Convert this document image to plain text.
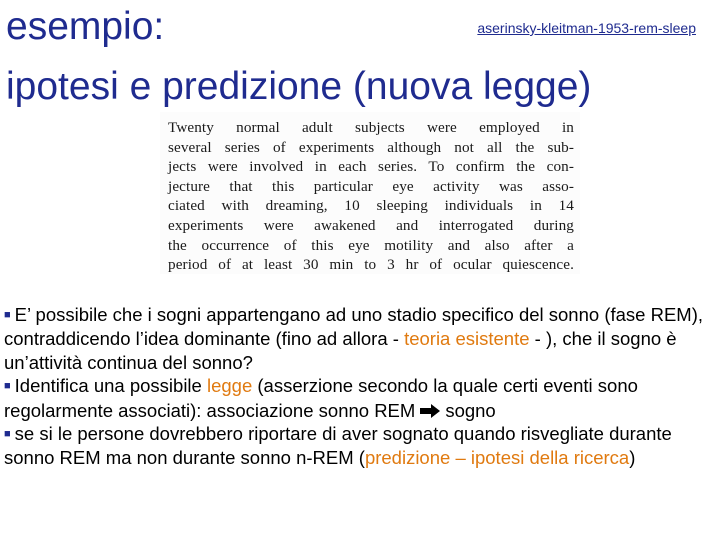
esempio:
ipotesi e predizione (nuova legge)
aserinsky-kleitman-1953-rem-sleep
Twenty normal adult subjects were employed in
several series of experiments although not all the sub-
jects were involved in each series. To confirm the con-
jecture that this particular eye activity was asso-
ciated with dreaming, 10 sleeping individuals in 14
experiments were awakened and interrogated during
the occurrence of this eye motility and also after a
period of at least 30 min to 3 hr of ocular quiescence.

■ E’ possibile che i sogni appartengano ad uno stadio specifico del sonno (fase REM), contraddicendo l’idea dominante (fino ad allora - teoria esistente - ), che il sogno è un’attività continua del sonno?

■ Identifica una possibile legge (asserzione secondo la quale certi eventi sono regolarmente associati): associazione sonno REM sogno

■ se si le persone dovrebbero riportare di aver sognato quando risvegliate durante sonno REM ma non durante sonno n-REM (predizione – ipotesi della ricerca)
